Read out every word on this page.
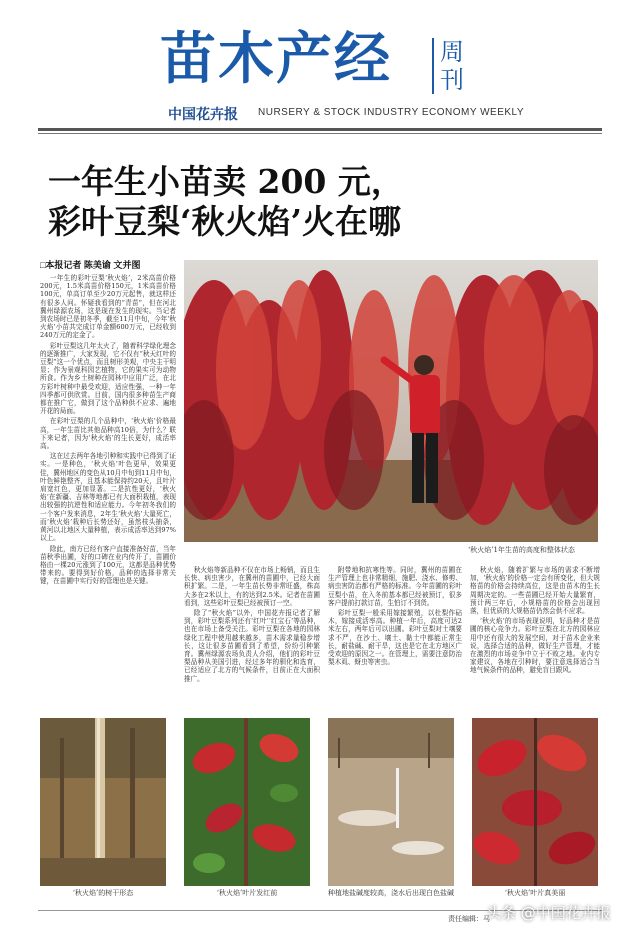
苗木产经	周刊
中国花卉报 NURSERY & STOCK INDUSTRY ECONOMY WEEKLY
一年生小苗卖 200 元，
彩叶豆梨‘秋火焰’火在哪
□本报记者 陈美谕 文并图

一年生的彩叶豆梨‘秋火焰’，2米高苗价格200元，1.5米高苗价格150元，1米高苗价格100元，单高订单至少20万元起售，就这样还有很多人问。怀疑我看到的“青苗”，但在河北冀州绿源农场，这是现在发生的现实。当记者到农场时已是初冬季，截至11月中旬，今年‘秋火焰’小苗共完成订单金额600万元，已经收到240万元的定金了。

彩叶豆梨这几年太火了，随着科学绿化理念的逐渐推广，大家发现，它不仅有“秋天红叶的豆梨”这一个优点，而且树形美观，中央主干明显；作为景观科园艺植物，它的果实可为动物所食。作为乡土树种在园林中应用广泛，在北方彩叶树种中最受欢迎，适应性强，一种一年四季都可供欣赏。目前，国内很多种苗生产商都在推广它，做到了这个品种供不应求、遍地开花的局面。

在彩叶豆梨的几个品种中，‘秋火焰’价格最高，一年生苗比其他品种高10倍，为什么？联下来记者，因为‘秋火焰’的生长更好，成活率高。

这在过去两年各地引种和实践中已得到了证实。一是种色，‘秋火焰’叶色更早，效果更佳，冀州地区的变色从10月中旬到11月中旬，叶色鲜艳整齐，且基本能保持约20天，且叶片肩宽红色，更加显著。二是抗性更好，‘秋火焰’在新疆、吉林等地都已有大面积栽植，表现出较强的抗逆性和适应能力。今年初冬我们的一个客户发来消息，2年生‘秋火焰’大量死亡，而‘秋火焰’栽种后长势还好，虽然枝头抽条，黄河以北地区大量种植，表示成活率达到97%以上。

除此，南方已经有客户直接准备好苗，当年苗秋季出圃，好的口碑在业内传开了，苗圃价格由一棵20元涨到了100元，这都是品种优势带来的。要得到好价格，品种的选择非常关键，在苗圃中实行好的管理也是关键。

‘秋火焰’1年生苗的高度和整体状态

秋火焰等新品种不仅在市场上畅销，而且生长快、病虫害少，在冀州的苗圃中，已经大面积扩繁。二是，一年生苗长势非常旺盛，株高大多在2米以上，有的达到2.5米。记者在苗圃看到，这些彩叶豆梨已经被预订一空。

除了“秋火焰”以外，中国花卉报记者了解到，彩叶豆梨系列还有‘红叶’‘红宝石’等品种，也在市场上备受关注。彩叶豆梨在各地的园林绿化工程中使用越来越多，苗木需求量稳步增长，这让很多苗圃看到了希望，纷纷引种繁育。冀州绿源农场负责人介绍，他们的彩叶豆梨品种从美国引进，经过多年的驯化和选育，已经适应了北方的气候条件，目前正在大面积推广。

附带地和抗寒性等。同时，冀州的苗圃在生产管理上也非常精细，施肥、浇水、修剪、病虫害防治都有严格的标准。今年苗圃的彩叶豆梨小苗，在入冬前基本都已经被预订，很多客户提前打款订苗，生怕订不到货。

彩叶豆梨一般采用嫁接繁殖，以杜梨作砧木，嫁接成活率高。种植一年后，高度可达2米左右，两年后可以出圃。彩叶豆梨对土壤要求不严，在沙土、壤土、黏土中都能正常生长，耐盐碱、耐干旱，这也是它在北方地区广受欢迎的原因之一。在管理上，需要注意防治梨木虱、蚜虫等害虫。

秋火焰，随着扩繁与市场的需求不断增加，‘秋火焰’的价格一定会有所变化，但大规格苗的价格会持续高位，这是由苗木的生长周期决定的。一些苗圃已经开始大量繁育，预计两三年后，小规格苗的价格会出现回落，但优质的大规格苗仍然会供不应求。

‘秋火焰’的市场表现说明，好品种才是苗圃的核心竞争力。彩叶豆梨在北方的园林应用中还有很大的发展空间，对于苗木企业来说，选择合适的品种，做好生产管理，才能在激烈的市场竞争中立于不败之地。业内专家建议，各地在引种时，要注意选择适合当地气候条件的品种，避免盲目跟风。

‘秋火焰’的树干形态	‘秋火焰’叶片发红前	种植地盐碱度较高，浇水后出现白色盐碱	‘秋火焰’叶片真美丽
责任编辑：马
头条 @中国花卉报
